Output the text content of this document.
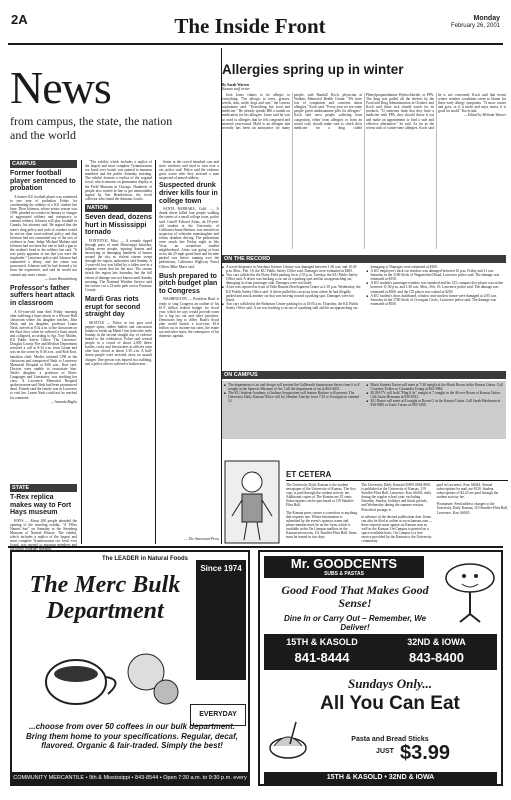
2A	The Inside Front	Monday
February 26, 2001
News
from campus, the state, the nation and the world
CAMPUS
Former football player sentenced to probation

A former KU football player was sentenced to one year of probation Friday for coordinating the robbery of a KU student last June. Dion Johnson, whose senior season was 1999, pleaded no contest in January to charges of aggravated robbery and conspiracy to commit robbery. Johnson will play football in Canada, his attorney said. He argued that the team's drug policy and code of conduct would be stricter than court-ordered policy and that Johnson had not committed any of the acts of violence in June. Judge Michael Malone said Johnson had not been the one to hold a gun to the student's head in the robbery but said, "It was pretty apparent to me that you were the ringleader." Lawrence police said Johnson had committed a felony, and the crime was prosecuted. Johnson said he had learned a lot from the experience, and said he would not commit any more crimes.

— Jason Brandenburg
Professor's father suffers heart attack in classroom

A 63-year-old man died Friday morning after suffering a heart attack in a Wescoe Hall classroom where his daughter teaches. John Nash, and his daughter, professor Leann Nash, arrived at 8:32 a.m. to the classroom on the third floor when he suffered a heart attack and collapsed, according to Sgt. Troy Mailen, KU Public Safety Office. The Lawrence-Douglas County Fire and Medical Department received a call at 8:34 a.m. from Leann and was on the scene by 8:38 a.m., said Rob Kort, battalion chief. Medics initiated CPR in the classroom and transported Nash to Lawrence Memorial Hospital at 8:06 a.m., Kort said. Doctors were unable to resuscitate him. Nash's daughter, a professor of Slavic Languages and Literatures, was teaching her class. A Lawrence Memorial Hospital spokeswoman said Nash had been pronounced dead. Friends said the family was in Lawrence to visit her. Leann Nash could not be reached for comment.

— Amanda Baglin
STATE
T-Rex replica makes way to Fort Hays museum

HAYS — About 200 people attended the opening of the traveling exhibit, "A T-Rex Named Sue" on Saturday at the Sternberg Museum of Natural History. The exhibit, which includes a replica of the largest and most complete Tyrannosaurus rex fossil ever

"The exhibit, which includes a replica of the largest and most complete Tyrannosaurus rex fossil ever found, was opened to museum members and the public Saturday morning. The exhibit features a replica of the original fossil, which remains on permanent display at the Field Museum in Chicago. Hundreds of people also waited in line to get memorabilia signed by Sue Hendrickson, the fossil collector who found the dinosaur fossils.

NATION
Seven dead, dozens hurt in Mississippi tornado

PONTOTOC, Miss. — A tornado ripped through parts of rural Mississippi Saturday, killing seven people, injuring dozens and destroying or damaging hundreds of homes around the city as violent storms swept through the region, authorities said Sunday. A 2-year-old boy was killed by a fallen tree in a separate storm that hit the area. The storms struck the region late Saturday, but the full extent of damage was not known until Sunday morning. The National Weather Service said the twister cut a 23-mile path across Pontotoc County.

Mardi Gras riots erupt for second straight day

SEATTLE — Police in riot gear used pepper spray, rubber bullets and concussion bombs to break up Mardi Gras festivities early Sunday in the second straight day of violence linked to the celebration. Police said several people in a crowd of about 2,000 threw bottles, rocks and firecrackers at officers soon after bars closed at about 1:30 a.m. A half-dozen people were arrested, most on assault charges. One person was injured in a stabbing, and a police officer suffered a broken arm.

Some in the crowd smashed cars and store windows and tried to turn over a car, police said. Police said the violence grew worse after they arrested a man suspected of armed robbery.

Suspected drunk driver kills four in college town

SANTA BARBARA, Calif. — A drunk driver killed four people walking the streets of a small college town, police said. Catrell Edward Attias, an 18-year-old student at the University of California Santa Barbara, was arrested on suspicion of vehicular manslaughter and felony drunken driving. The pedestrians were struck late Friday night in Isla Vista, an oceanfront student neighborhood. Attias was going at least twice the 25-mph speed limit and hit nine parked cars before running over the pedestrians, California Highway Patrol Officer Mike Marci said.

Bush prepared to pitch budget plan to Congress

WASHINGTON — President Bush is ready to sing Congress an outline of his $1.9 trillion federal budget for fiscal year, which he says would provide room for a big tax cut and other priorities. Democrats beg to differ. Bush's fiscal plan would launch a four-year, $1.6 trillion cut in income-tax rates, the estate tax and other taxes, the centerpiece of his domestic agenda.

— The Associated Press
Allergies spring up in winter
By Sarah Warren
Kansan staff writer

Josh Jones claims to be allergic to everything. "I'm allergic to trees, grasses, weeds, dust, mold, dogs and cats," the Lenexa sophomore said. "Everything but food and medicine." He already spends $80 a month on medication for his allergies. Jones said he was so used to allergies that he felt congested and sneezed year-round. Mold is an allergen that recently has been an annoyance for many people, said Randall Koch, physician at Watkins Memorial Health Center. "We have lots of complaints and concerns about allergies," Koch said. "Every year we see some people given antihistamine pills for allergies." Koch said most people suffering from congestion, either from allergies or from an actual cold, should make sure to check their medicine for a drug called Phenylpropanolamine Hydrochloride, or PPA. The drug was pulled off the shelves by the Food and Drug Administration in October, and Koch said those sick should watch for its products. "If someone finds that they have a medicine with PPA, they should throw it out and make an appointment to find a safe and effective alternative," he said. As far as the recent rash of winter-time allergies, Koch said he is not concerned. Koch said that recent winter weather conditions seem to blame for these early allergy symptoms. "If snow comes and goes, or if it melts and stays moist, it is good for mold," Koch said.

— Edited by Melinda Weaver
ON THE RECORD
■ A travel dispenser in Anschutz Science Library was damaged between 1:30 a.m. and 10:30 p.m. Mon., Feb. 19, the KU Public Safety Office said. Damages were estimated at $400.
■ Two cars collided in the Daisy Field parking lot at 2:35 p.m. Tuesday, the KU Public Safety Office said. A driver was backing a car out of a parking spot and hit an approaching car, damaging its front passenger side. Damages were not listed.
■ A fire was reported in front of Dole Human Development Center at 2:18 p.m. Wednesday, the KU Public Safety Office said. A driver pulled his car away from where he had illegally parked and struck another car that was moving toward a parking spot. Damages were not listed.
■ Two cars collided in the Robinson Center parking lot at 10:05 a.m. Thursday, the KU Public Safety Office said. A car was backing a car out of a parking stall and hit an approaching car, damaging it. Damages were estimated at $200.
■ A KU employee's back car window was damaged between 10 p.m. Friday and 11 a.m. Saturday in the 2100 block of Wagonwheel Road, Lawrence police said. The damage was estimated at $150.
■ A KU student's passenger window was smashed and his CD, compact disc player was stolen between 11:30 p.m. and 1:30 a.m. Mon., Feb. 19, Lawrence police said. The damage was estimated at $500, and the CD player was valued at $250.
■ A KU student's door, dashboard, window and window frame were damaged at 2:05 a.m. Saturday in the 2700 block of Crossgate Circle, Lawrence police said. The damage was estimated at $550.
ON CAMPUS
■ The department of art and design will present the Gallbreath Symposium Series from 6 to 8 tonight at the Spencer Museum of Art. Call the department of art at 864-4401.
■ The KU Student Academy of Indians Symposium will feature Rashaw will present, The University Daily Kansan Office will be, Heather Tunsley from 7:30 to 8 tonight on channel 14.
■ Black Student Union will meet at 7:30 tonight at the Hawk Room in the Kansas Union. Call Courtney Eckles or Cassandra Young at 864-3984.
■ KUJH-TV will hold "Plug It In" tonight at 7 tonight in the Alcove Room of Kansas Union. Call Justin Hermann at 830-8912.
■ KU Dance will meet at 8 tonight at Room G in the Kansas Union. Call Sarah Heideman at 838-9083 or Katie Turner at 838-5498.
ET CETERA

The University Daily Kansan is the student newspaper of the University of Kansas. The first copy is paid through the student activity fee. Additional copies of The Kansan are 25 cents. Subscriptions can be purchased at 119 Stauffer-Flint Hall.

The Kansan press carries a correction to anything that requires one. Where information is submitted by the event's sponsor, name and phone number must be on the form, which is available in the On Campus mailbox in the Kansan newsroom, 111 Stauffer-Flint Hall. Items must be turned in two days

The University Daily Kansan (USPS 0064-800) is published at the University of Kansas, 119 Stauffer-Flint Hall, Lawrence, Kan. 66045, daily during the regular school year, excluding Saturday, Sunday, holidays and finals periods, and Wednesday during the summer session. Periodical postage is

in advance of the desired publication date. Items can also be filed at online at www.kansan.com — these requests must appear on Kansan.com as well as the Kansan. On Campus is printed on a space-available basis. On Campus is a free service provided by the Kansan to the University community.

paid in Lawrence, Kan. 66044. Annual subscriptions by mail are $120. Student subscriptions of $2.25 are paid through the student activity fee.

Postmaster: Send address changes to the University Daily Kansan, 119 Stauffer-Flint Hall, Lawrence, Kan. 66045.

The LEADER in Natural Foods
The Merc Bulk Department
Since 1974
EVERYDAY
...choose from over 50 coffees in our bulk department. Bring them home to your specifications. Regular, decaf, flavored. Organic & fair-traded. Simply the best!
COMMUNITY MERCANTILE • 9th & Mississippi • 843-8544 • Open 7:30 a.m. to 9:30 p.m. every day
Mr. GOODCENTS
SUBS & PASTAS
Good Food That Makes Good Sense!
Dine In or Carry Out – Remember, We Deliver!
15TH & KASOLD	32ND & IOWA
841-8444	843-8400
Sundays Only...
All You Can Eat
Pasta and Bread Sticks
JUST $3.99
15TH & KASOLD • 32ND & IOWA
